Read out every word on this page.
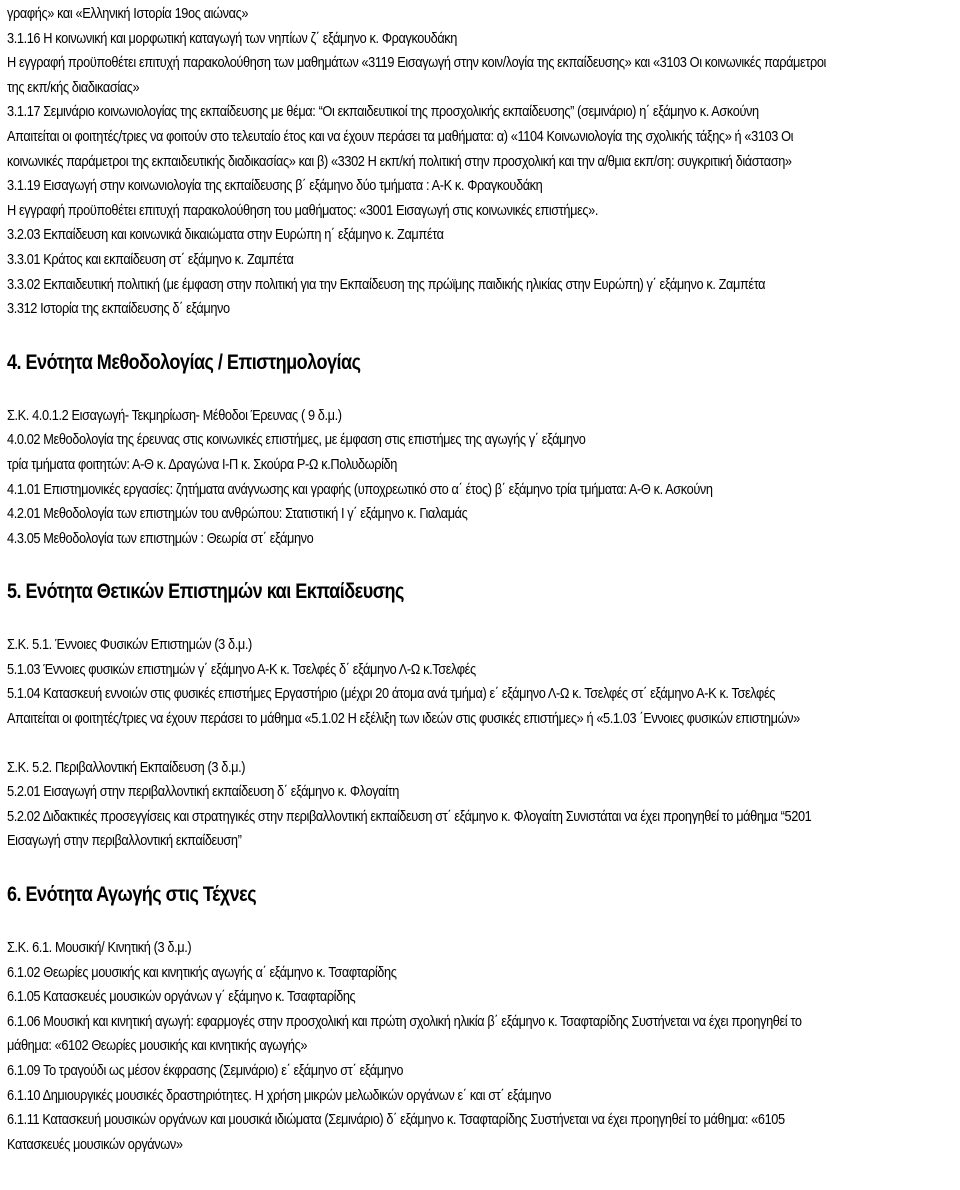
γραφής» και «Ελληνική Ιστορία 19ος αιώνας»
3.1.16 Η κοινωνική και μορφωτική καταγωγή των νηπίων ζ΄ εξάμηνο κ. Φραγκουδάκη
Η εγγραφή προϋποθέτει επιτυχή παρακολούθηση των μαθημάτων «3119 Εισαγωγή στην κοιν/λογία της εκπαίδευσης» και «3103 Οι κοινωνικές παράμετροι
της εκπ/κής διαδικασίας»
3.1.17 Σεμινάριο κοινωνιολογίας της εκπαίδευσης με θέμα: “Οι εκπαιδευτικοί της προσχολικής εκπαίδευσης” (σεμινάριο) η΄ εξάμηνο κ. Ασκούνη
Απαιτείται οι φοιτητές/τριες να φοιτούν στο τελευταίο έτος και να έχουν περάσει τα μαθήματα: α) «1104 Κοινωνιολογία της σχολικής τάξης» ή «3103 Οι
κοινωνικές παράμετροι της εκπαιδευτικής διαδικασίας» και β) «3302 Η εκπ/κή πολιτική στην προσχολική και την α/θμια εκπ/ση: συγκριτική διάσταση»
3.1.19 Εισαγωγή στην κοινωνιολογία της εκπαίδευσης β΄ εξάμηνο δύο τμήματα : Α-Κ κ. Φραγκουδάκη
Η εγγραφή προϋποθέτει επιτυχή παρακολούθηση του μαθήματος: «3001 Εισαγωγή στις κοινωνικές επιστήμες».
3.2.03 Εκπαίδευση και κοινωνικά δικαιώματα στην Ευρώπη η΄ εξάμηνο κ. Ζαμπέτα
3.3.01 Κράτος και εκπαίδευση στ΄ εξάμηνο κ. Ζαμπέτα
3.3.02 Εκπαιδευτική πολιτική (με έμφαση στην πολιτική για την Εκπαίδευση της πρώϊμης παιδικής ηλικίας στην Ευρώπη) γ΄ εξάμηνο κ. Ζαμπέτα
3.312 Ιστορία της εκπαίδευσης δ΄ εξάμηνο
4. Ενότητα Μεθοδολογίας / Επιστημολογίας
Σ.Κ. 4.0.1.2 Εισαγωγή- Τεκμηρίωση- Μέθοδοι Έρευνας ( 9 δ.μ.)
4.0.02 Μεθοδολογία της έρευνας στις κοινωνικές επιστήμες, με έμφαση στις επιστήμες της αγωγής γ΄ εξάμηνο
τρία τμήματα φοιτητών: Α-Θ κ. Δραγώνα Ι-Π κ. Σκούρα Ρ-Ω κ.Πολυδωρίδη
4.1.01 Επιστημονικές εργασίες: ζητήματα ανάγνωσης και γραφής (υποχρεωτικό στο α΄ έτος) β΄ εξάμηνο τρία τμήματα: Α-Θ κ. Ασκούνη
4.2.01 Μεθοδολογία των επιστημών του ανθρώπου: Στατιστική Ι γ΄ εξάμηνο κ. Γιαλαμάς
4.3.05 Μεθοδολογία των επιστημών : Θεωρία στ΄ εξάμηνο
5. Ενότητα Θετικών Επιστημών και Εκπαίδευσης
Σ.Κ. 5.1. Έννοιες Φυσικών Επιστημών (3 δ.μ.)
5.1.03 Έννοιες φυσικών επιστημών γ΄ εξάμηνο Α-Κ κ. Τσελφές δ΄ εξάμηνο Λ-Ω κ.Τσελφές
5.1.04 Κατασκευή εννοιών στις φυσικές επιστήμες Εργαστήριο (μέχρι 20 άτομα ανά τμήμα) ε΄ εξάμηνο Λ-Ω κ. Τσελφές στ΄ εξάμηνο Α-Κ κ. Τσελφές
Απαιτείται οι φοιτητές/τριες να έχουν περάσει το μάθημα «5.1.02 Η εξέλιξη των ιδεών στις φυσικές επιστήμες» ή «5.1.03 ΄Εννοιες φυσικών επιστημών»
Σ.Κ. 5.2. Περιβαλλοντική Εκπαίδευση (3 δ.μ.)
5.2.01 Εισαγωγή στην περιβαλλοντική εκπαίδευση δ΄ εξάμηνο κ. Φλογαίτη
5.2.02 Διδακτικές προσεγγίσεις και στρατηγικές στην περιβαλλοντική εκπαίδευση στ΄ εξάμηνο κ. Φλογαίτη Συνιστάται να έχει προηγηθεί το μάθημα “5201
Εισαγωγή στην περιβαλλοντική εκπαίδευση”
6. Ενότητα Αγωγής στις Τέχνες
Σ.Κ. 6.1. Μουσική/ Κινητική (3 δ.μ.)
6.1.02 Θεωρίες μουσικής και κινητικής αγωγής α΄ εξάμηνο κ. Τσαφταρίδης
6.1.05 Κατασκευές μουσικών οργάνων γ΄ εξάμηνο κ. Τσαφταρίδης
6.1.06 Μουσική και κινητική αγωγή: εφαρμογές στην προσχολική και πρώτη σχολική ηλικία β΄ εξάμηνο κ. Τσαφταρίδης Συστήνεται να έχει προηγηθεί το
μάθημα: «6102 Θεωρίες μουσικής και κινητικής αγωγής»
6.1.09 Το τραγούδι ως μέσον έκφρασης (Σεμινάριο) ε΄ εξάμηνο στ΄ εξάμηνο
6.1.10 Δημιουργικές μουσικές δραστηριότητες. Η χρήση μικρών μελωδικών οργάνων ε΄ και στ΄ εξάμηνο
6.1.11 Κατασκευή μουσικών οργάνων και μουσικά ιδιώματα (Σεμινάριο) δ΄ εξάμηνο κ. Τσαφταρίδης Συστήνεται να έχει προηγηθεί το μάθημα: «6105
Κατασκευές μουσικών οργάνων»
